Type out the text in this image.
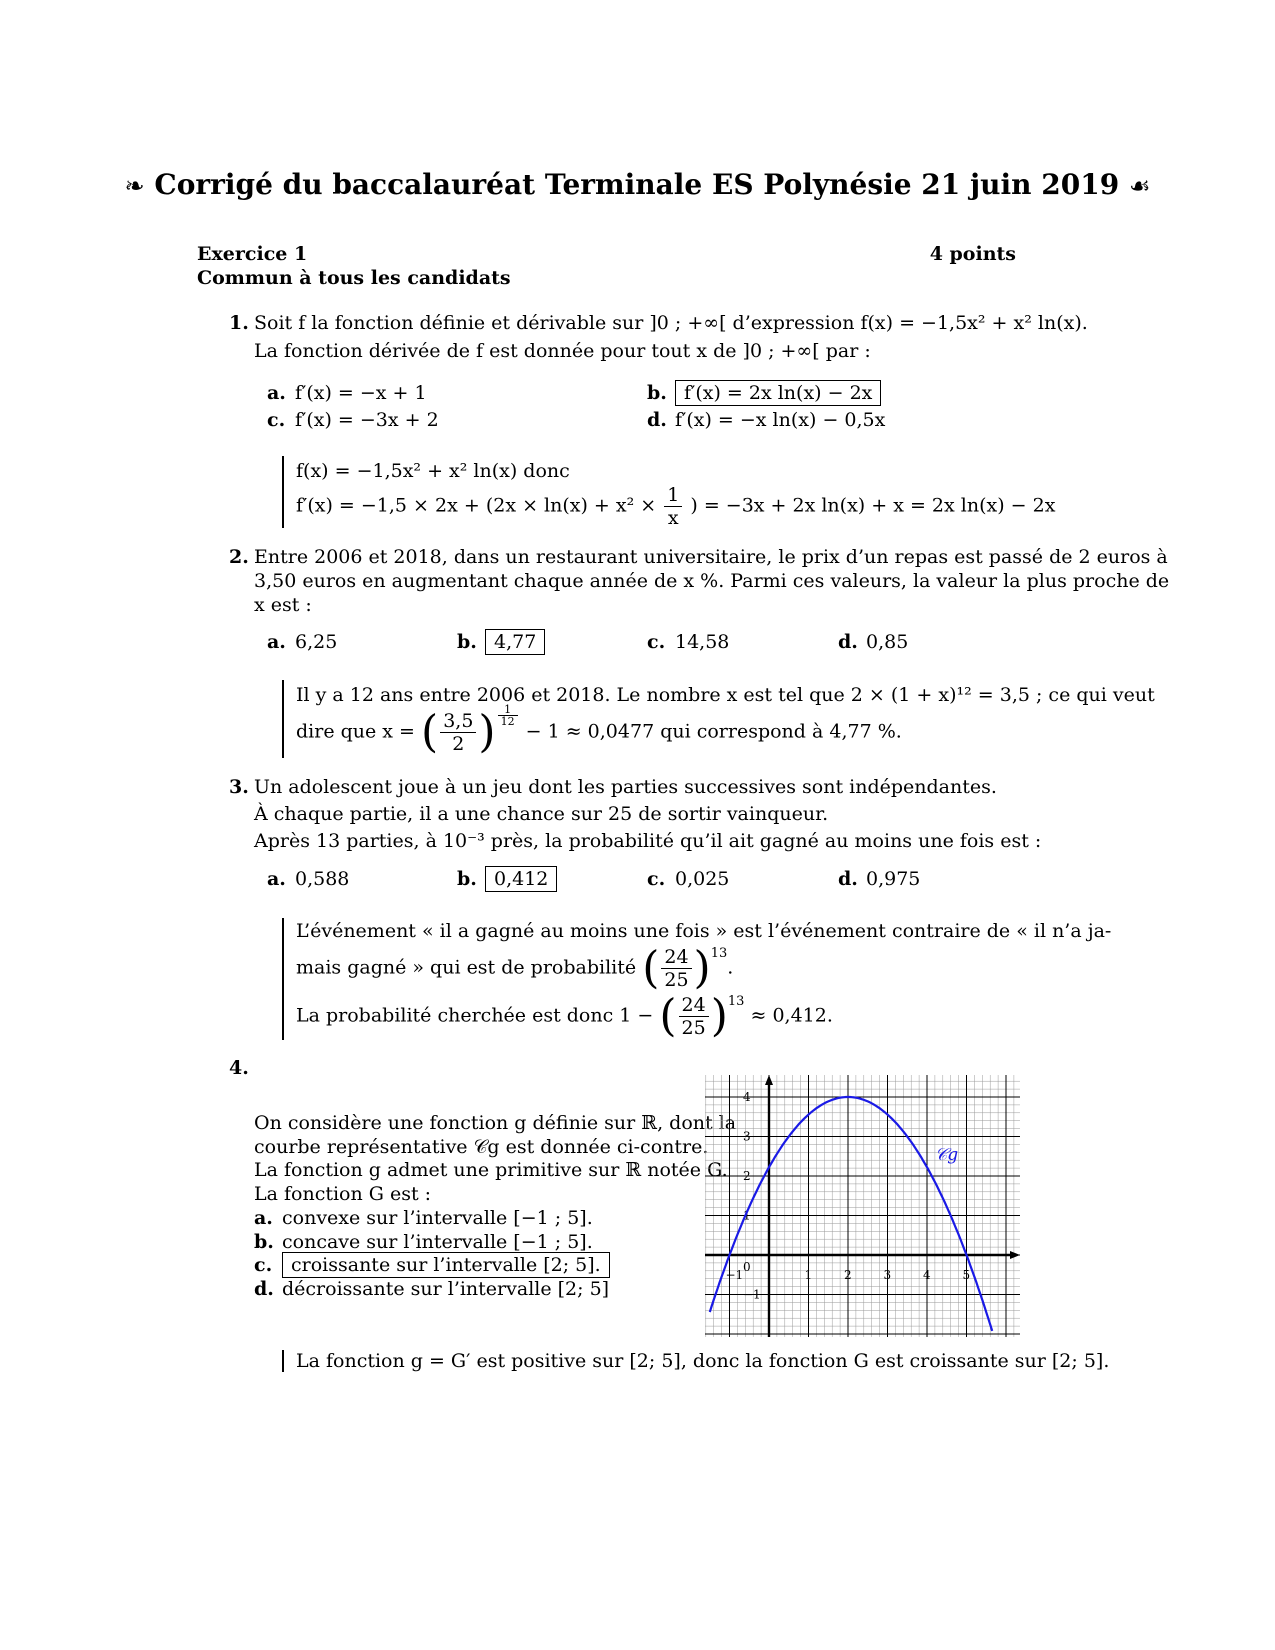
❧ Corrigé du baccalauréat Terminale ES Polynésie 21 juin 2019 ☙
Exercice 1	4 points
Commun à tous les candidats
1. Soit f la fonction définie et dérivable sur ]0 ; +∞[ d’expression f(x) = −1,5x² + x² ln(x).
La fonction dérivée de f est donnée pour tout x de ]0 ; +∞[ par :
a. f′(x) = −x + 1	b. f′(x) = 2x ln(x) − 2x
c. f′(x) = −3x + 2	d. f′(x) = −x ln(x) − 0,5x
f(x) = −1,5x² + x² ln(x) donc
$f'(x) = -1,5 \times 2x + (2x \times \ln(x) + x^2 \times \frac{1}{x}$ ) = −3x + 2x ln(x) + x = 2x ln(x) − 2x
2. Entre 2006 et 2018, dans un restaurant universitaire, le prix d’un repas est passé de 2 euros à
3,50 euros en augmentant chaque année de x %. Parmi ces valeurs, la valeur la plus proche de
x est :
a. 6,25	b. 4,77	c. 14,58	d. 0,85
Il y a 12 ans entre 2006 et 2018. Le nombre x est tel que 2 × (1 + x)¹² = 3,5 ; ce qui veut
dire que x = ( $\frac{3,5}{2}$ ) $\frac{1}{12}$
− 1 ≈ 0,0477 qui correspond à 4,77 %.
3. Un adolescent joue à un jeu dont les parties successives sont indépendantes.
À chaque partie, il a une chance sur 25 de sortir vainqueur.
Après 13 parties, à 10⁻³ près, la probabilité qu’il ait gagné au moins une fois est :
a. 0,588	b. 0,412	c. 0,025	d. 0,975
L’événement « il a gagné au moins une fois » est l’événement contraire de « il n’a ja-
mais gagné » qui est de probabilité ( $\frac{24}{25} )^{13}$.
La probabilité cherchée est donc 1 − ( $\frac{24}{25} )^{13} \approx 0,412$.
4.
On considère une fonction g définie sur ℝ, dont la
courbe représentative 𝒞g est donnée ci-contre.
La fonction g admet une primitive sur ℝ notée G.
La fonction G est :
a. convexe sur l’intervalle [−1 ; 5].
b. concave sur l’intervalle [−1 ; 5].
c. croissante sur l’intervalle [2; 5].
d. décroissante sur l’intervalle [2; 5]
−1	1	2	3	4	5
−1
0
1
2
3
4
𝒞g
La fonction g = G′ est positive sur [2; 5], donc la fonction G est croissante sur [2; 5].
